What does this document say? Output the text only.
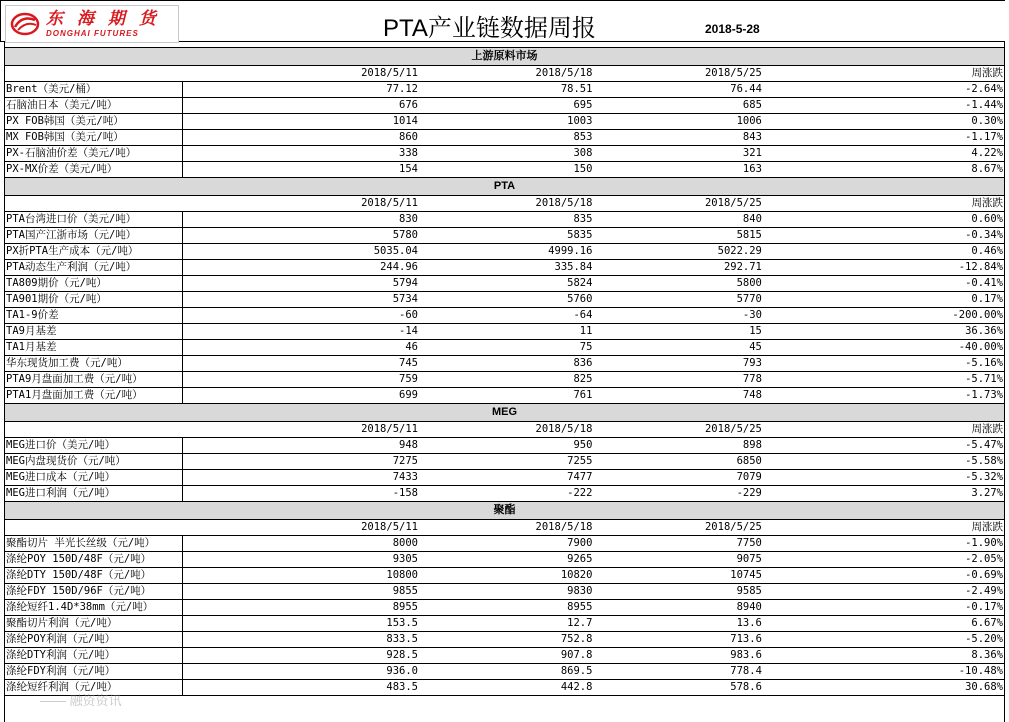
东 海 期 货
DONGHAI FUTURES	PTA产业链数据周报	2018-5-28
上游原料市场				
	2018/5/11	2018/5/18	2018/5/25	周涨跌
Brent（美元/桶）	77.12	78.51	76.44	-2.64%
石脑油日本（美元/吨）	676	695	685	-1.44%
PX FOB韩国（美元/吨）	1014	1003	1006	0.30%
MX FOB韩国（美元/吨）	860	853	843	-1.17%
PX-石脑油价差（美元/吨）	338	308	321	4.22%
PX-MX价差（美元/吨）	154	150	163	8.67%
PTA				
	2018/5/11	2018/5/18	2018/5/25	周涨跌
PTA台湾进口价（美元/吨）	830	835	840	0.60%
PTA国产江浙市场（元/吨）	5780	5835	5815	-0.34%
PX折PTA生产成本（元/吨）	5035.04	4999.16	5022.29	0.46%
PTA动态生产利润（元/吨）	244.96	335.84	292.71	-12.84%
TA809期价（元/吨）	5794	5824	5800	-0.41%
TA901期价（元/吨）	5734	5760	5770	0.17%
TA1-9价差	-60	-64	-30	-200.00%
TA9月基差	-14	11	15	36.36%
TA1月基差	46	75	45	-40.00%
华东现货加工费（元/吨）	745	836	793	-5.16%
PTA9月盘面加工费（元/吨）	759	825	778	-5.71%
PTA1月盘面加工费（元/吨）	699	761	748	-1.73%
MEG				
	2018/5/11	2018/5/18	2018/5/25	周涨跌
MEG进口价（美元/吨）	948	950	898	-5.47%
MEG内盘现货价（元/吨）	7275	7255	6850	-5.58%
MEG进口成本（元/吨）	7433	7477	7079	-5.32%
MEG进口利润（元/吨）	-158	-222	-229	3.27%
聚酯				
	2018/5/11	2018/5/18	2018/5/25	周涨跌
聚酯切片 半光长丝级（元/吨）	8000	7900	7750	-1.90%
涤纶POY 150D/48F（元/吨）	9305	9265	9075	-2.05%
涤纶DTY 150D/48F（元/吨）	10800	10820	10745	-0.69%
涤纶FDY 150D/96F（元/吨）	9855	9830	9585	-2.49%
涤纶短纤1.4D*38mm（元/吨）	8955	8955	8940	-0.17%
聚酯切片利润（元/吨）	153.5	12.7	13.6	6.67%
涤纶POY利润（元/吨）	833.5	752.8	713.6	-5.20%
涤纶DTY利润（元/吨）	928.5	907.8	983.6	8.36%
涤纶FDY利润（元/吨）	936.0	869.5	778.4	-10.48%
涤纶短纤利润（元/吨）	483.5	442.8	578.6	30.68%
—— 融资资讯
